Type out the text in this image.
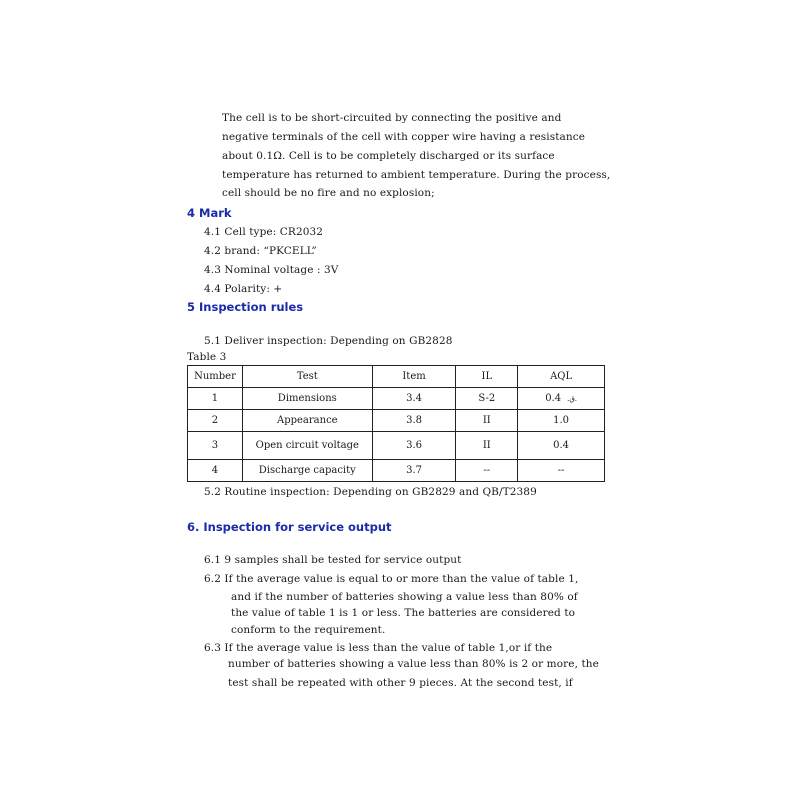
The cell is to be short-circuited by connecting the positive and
negative terminals of the cell with copper wire having a resistance
about 0.1Ω. Cell is to be completely discharged or its surface
temperature has returned to ambient temperature. During the process,
cell should be no fire and no explosion;
4 Mark
4.1 Cell type: CR2032
4.2 brand: “PKCELL”
4.3 Nominal voltage : 3V
4.4 Polarity: +
5 Inspection rules
5.1 Deliver inspection: Depending on GB2828
Table 3
Number	Test	Item	IL	AQL
1	Dimensions	3.4	S-2	0.4 .ق.
2	Appearance	3.8	II	1.0
3	Open circuit voltage	3.6	II	0.4
4	Discharge capacity	3.7	--	--
5.2 Routine inspection: Depending on GB2829 and QB/T2389
6. Inspection for service output
6.1 9 samples shall be tested for service output
6.2 If the average value is equal to or more than the value of table 1,
and if the number of batteries showing a value less than 80% of
the value of table 1 is 1 or less. The batteries are considered to
conform to the requirement.
6.3 If the average value is less than the value of table 1,or if the
number of batteries showing a value less than 80% is 2 or more, the
test shall be repeated with other 9 pieces. At the second test, if
